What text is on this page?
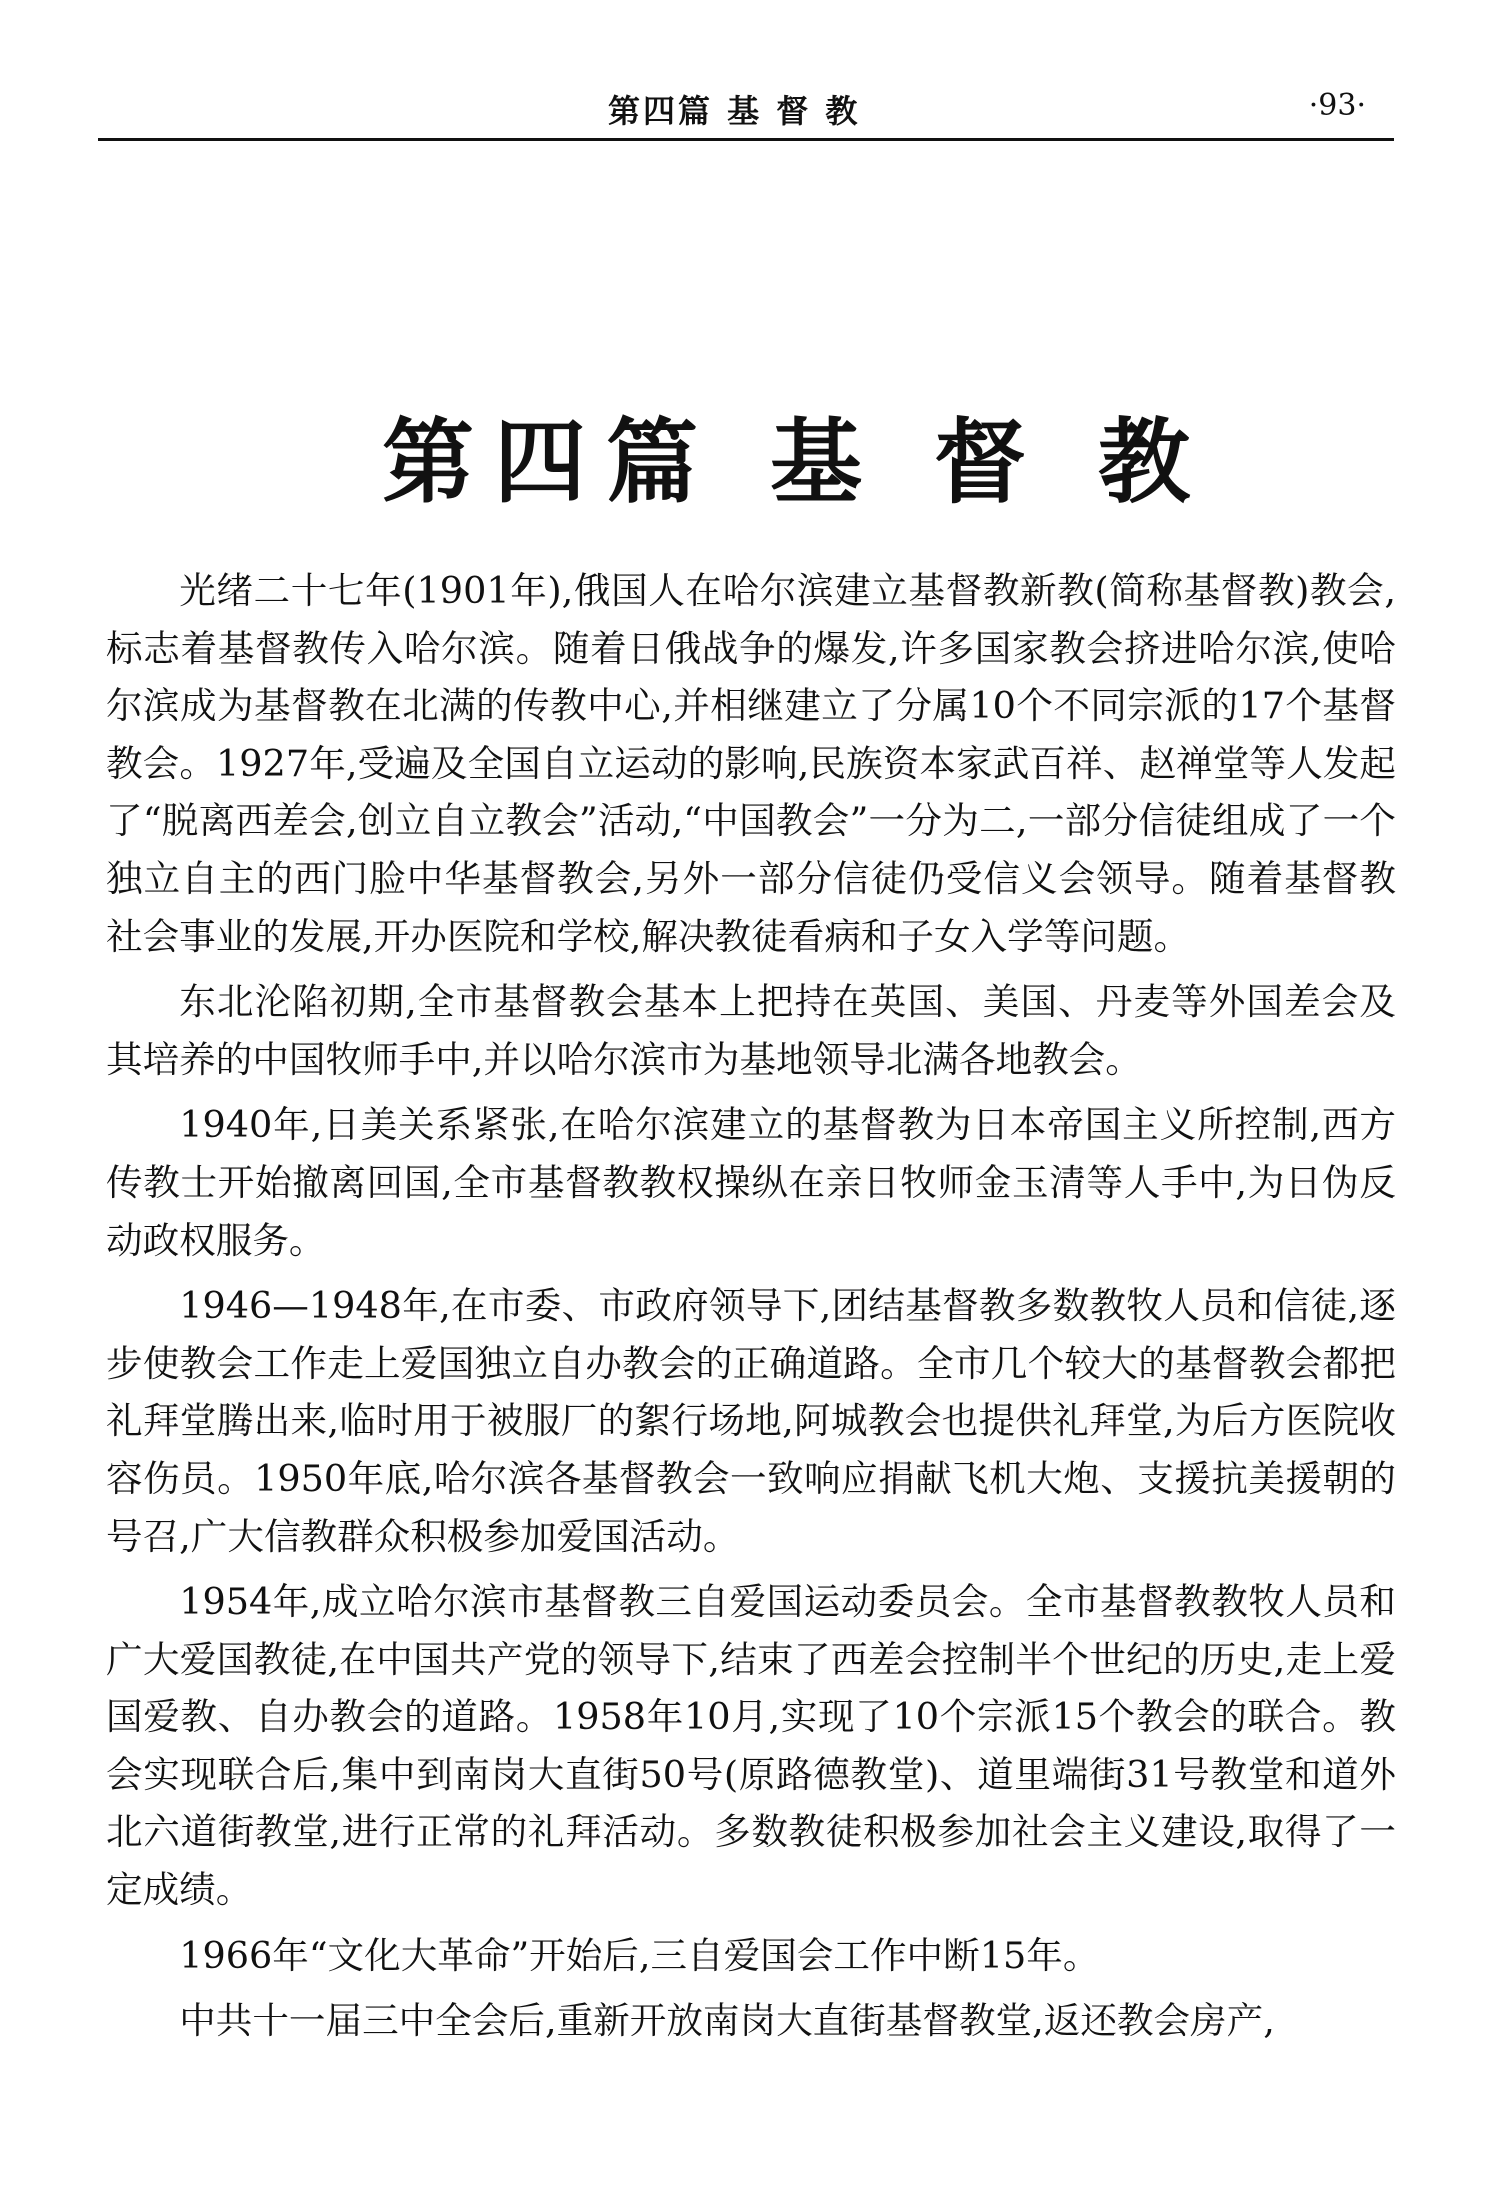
第四篇 基 督 教	·93·
第四篇 基 督 教

光绪二十七年(1901年),俄国人在哈尔滨建立基督教新教(简称基督教)教会,标志着基督教传入哈尔滨。随着日俄战争的爆发,许多国家教会挤进哈尔滨,使哈尔滨成为基督教在北满的传教中心,并相继建立了分属10个不同宗派的17个基督教会。1927年,受遍及全国自立运动的影响,民族资本家武百祥、赵禅堂等人发起了“脱离西差会,创立自立教会”活动,“中国教会”一分为二,一部分信徒组成了一个独立自主的西门脸中华基督教会,另外一部分信徒仍受信义会领导。随着基督教社会事业的发展,开办医院和学校,解决教徒看病和子女入学等问题。

东北沦陷初期,全市基督教会基本上把持在英国、美国、丹麦等外国差会及其培养的中国牧师手中,并以哈尔滨市为基地领导北满各地教会。

1940年,日美关系紧张,在哈尔滨建立的基督教为日本帝国主义所控制,西方传教士开始撤离回国,全市基督教教权操纵在亲日牧师金玉清等人手中,为日伪反动政权服务。

1946—1948年,在市委、市政府领导下,团结基督教多数教牧人员和信徒,逐步使教会工作走上爱国独立自办教会的正确道路。全市几个较大的基督教会都把礼拜堂腾出来,临时用于被服厂的絮行场地,阿城教会也提供礼拜堂,为后方医院收容伤员。1950年底,哈尔滨各基督教会一致响应捐献飞机大炮、支援抗美援朝的号召,广大信教群众积极参加爱国活动。

1954年,成立哈尔滨市基督教三自爱国运动委员会。全市基督教教牧人员和广大爱国教徒,在中国共产党的领导下,结束了西差会控制半个世纪的历史,走上爱国爱教、自办教会的道路。1958年10月,实现了10个宗派15个教会的联合。教会实现联合后,集中到南岗大直街50号(原路德教堂)、道里端街31号教堂和道外北六道街教堂,进行正常的礼拜活动。多数教徒积极参加社会主义建设,取得了一定成绩。

1966年“文化大革命”开始后,三自爱国会工作中断15年。

中共十一届三中全会后,重新开放南岗大直街基督教堂,返还教会房产,
